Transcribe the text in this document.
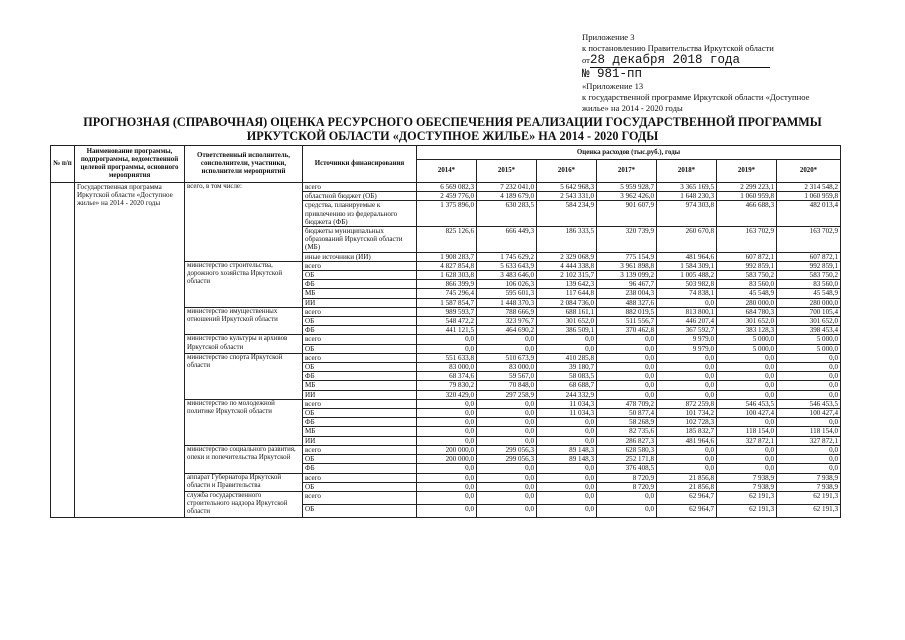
Приложение 3
к постановлению Правительства Иркутской области
от28 декабря 2018 года
№ 981-пп
«Приложение 13
к государственной программе Иркутской области «Доступное
жилье» на 2014 - 2020 годы
ПРОГНОЗНАЯ (СПРАВОЧНАЯ) ОЦЕНКА РЕСУРСНОГО ОБЕСПЕЧЕНИЯ РЕАЛИЗАЦИИ ГОСУДАРСТВЕННОЙ ПРОГРАММЫ
ИРКУТСКОЙ ОБЛАСТИ «ДОСТУПНОЕ ЖИЛЬЕ» НА 2014 - 2020 ГОДЫ
№ п/п	Наименование программы, подпрограммы, ведомственной целевой программы, основного мероприятия	Ответственный исполнитель, соисполнители, участники, исполнители мероприятий	Источники финансирования	Оценка расходов (тыс.руб.), годы						
				2014*	2015*	2016*	2017*	2018*	2019*	2020*
	Государственная программа Иркутской области «Доступное жилье» на 2014 - 2020 годы	всего, в том числе:	всего	6 569 082,3	7 232 041,0	5 642 968,3	5 959 928,7	3 365 169,5	2 299 223,1	2 314 548,2
			областной бюджет (ОБ)	2 459 776,0	4 189 679,0	2 543 331,0	3 962 426,0	1 648 230,3	1 060 959,8	1 060 959,8
			средства, планируемые к привлечению из федерального бюджета (ФБ)	1 375 896,0	630 283,5	584 234,9	901 607,9	974 303,8	466 688,3	482 013,4
			бюджеты муниципальных образований Иркутской области (МБ)	825 126,6	666 449,3	186 333,5	320 739,9	260 670,8	163 702,9	163 702,9
			иные источники (ИИ)	1 908 283,7	1 745 629,2	2 329 068,9	775 154,9	481 964,6	607 872,1	607 872,1
		министерство строительства, дорожного хозяйства Иркутской области	всего	4 827 854,8	5 633 643,9	4 444 338,8	3 961 898,8	1 584 309,1	992 859,1	992 859,1
			ОБ	1 628 303,8	3 483 646,0	2 102 315,7	3 139 099,2	1 005 488,2	583 750,2	583 750,2
			ФБ	866 399,9	106 026,3	139 642,3	96 467,7	503 982,8	83 560,0	83 560,0
			МБ	745 296,4	595 601,3	117 644,8	238 004,3	74 838,1	45 548,9	45 548,9
			ИИ	1 587 854,7	1 448 370,3	2 084 736,0	488 327,6	0,0	280 000,0	280 000,0
		министерство имущественных отношений Иркутской области	всего	989 593,7	788 666,9	688 161,1	882 019,5	813 800,1	684 780,3	700 105,4
			ОБ	548 472,2	323 976,7	301 652,0	511 556,7	446 207,4	301 652,0	301 652,0
			ФБ	441 121,5	464 690,2	386 509,1	370 462,8	367 592,7	383 128,3	398 453,4
		министерство культуры и архивов Иркутской области	всего	0,0	0,0	0,0	0,0	9 979,0	5 000,0	5 000,0
			ОБ	0,0	0,0	0,0	0,0	9 979,0	5 000,0	5 000,0
		министерство спорта Иркутской области	всего	551 633,8	510 673,9	410 285,8	0,0	0,0	0,0	0,0
			ОБ	83 000,0	83 000,0	39 180,7	0,0	0,0	0,0	0,0
			ФБ	68 374,6	59 567,0	58 083,5	0,0	0,0	0,0	0,0
			МБ	79 830,2	70 848,0	68 688,7	0,0	0,0	0,0	0,0
			ИИ	320 429,0	297 258,9	244 332,9	0,0	0,0	0,0	0,0
		министерство по молодежной политике Иркутской области	всего	0,0	0,0	11 034,3	478 709,2	872 259,8	546 453,5	546 453,5
			ОБ	0,0	0,0	11 034,3	50 877,4	101 734,2	100 427,4	100 427,4
			ФБ	0,0	0,0	0,0	58 268,9	102 728,3	0,0	0,0
			МБ	0,0	0,0	0,0	82 735,6	185 832,7	118 154,0	118 154,0
			ИИ	0,0	0,0	0,0	286 827,3	481 964,6	327 872,1	327 872,1
		министерство социального развития, опеки и попечительства Иркутской	всего	200 000,0	299 056,3	89 148,3	628 580,3	0,0	0,0	0,0
			ОБ	200 000,0	299 056,3	89 148,3	252 171,8	0,0	0,0	0,0
			ФБ	0,0	0,0	0,0	376 408,5	0,0	0,0	0,0
		аппарат Губернатора Иркутской области и Правительства	всего	0,0	0,0	0,0	8 720,9	21 856,8	7 938,9	7 938,9
			ОБ	0,0	0,0	0,0	8 720,9	21 856,8	7 938,9	7 938,9
		служба государственного строительного надзора Иркутской области	всего	0,0	0,0	0,0	0,0	62 964,7	62 191,3	62 191,3
			ОБ	0,0	0,0	0,0	0,0	62 964,7	62 191,3	62 191,3
